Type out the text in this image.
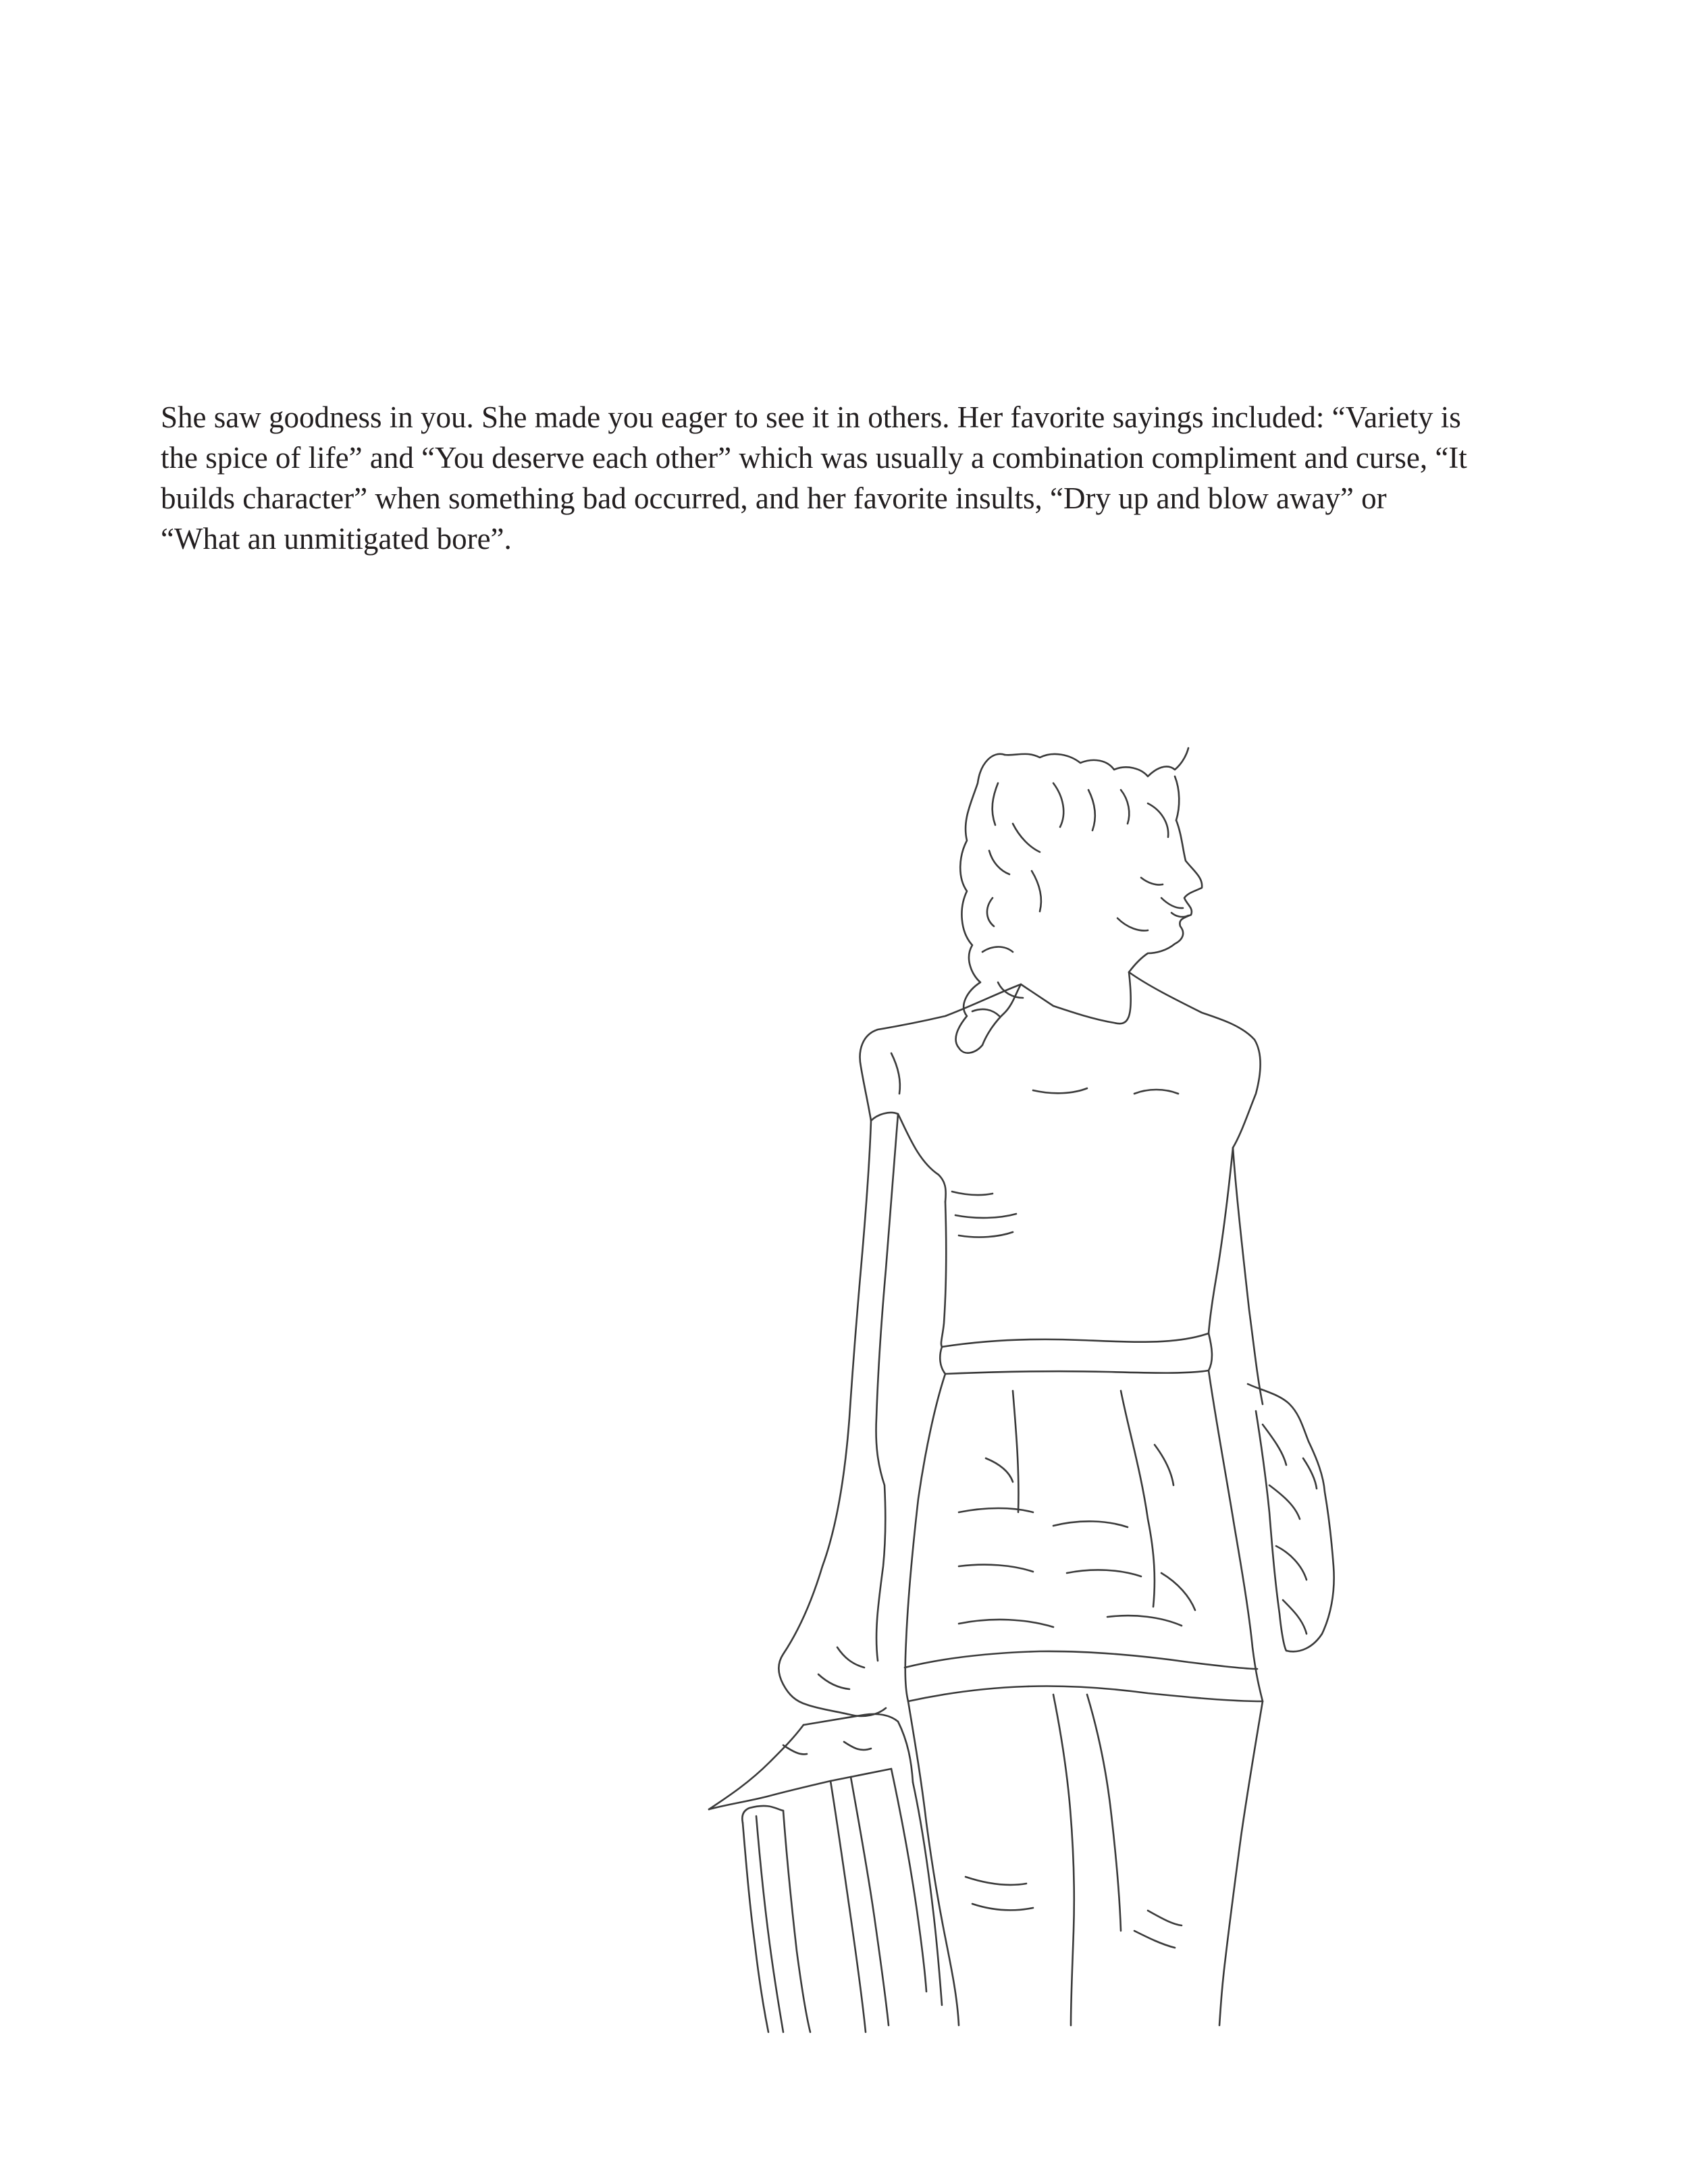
She saw goodness in you. She made you eager to see it in others. Her favorite sayings included: “Variety is
the spice of life” and “You deserve each other” which was usually a combination compliment and curse, “It
builds character” when something bad occurred, and her favorite insults, “Dry up and blow away” or
“What an unmitigated bore”.
